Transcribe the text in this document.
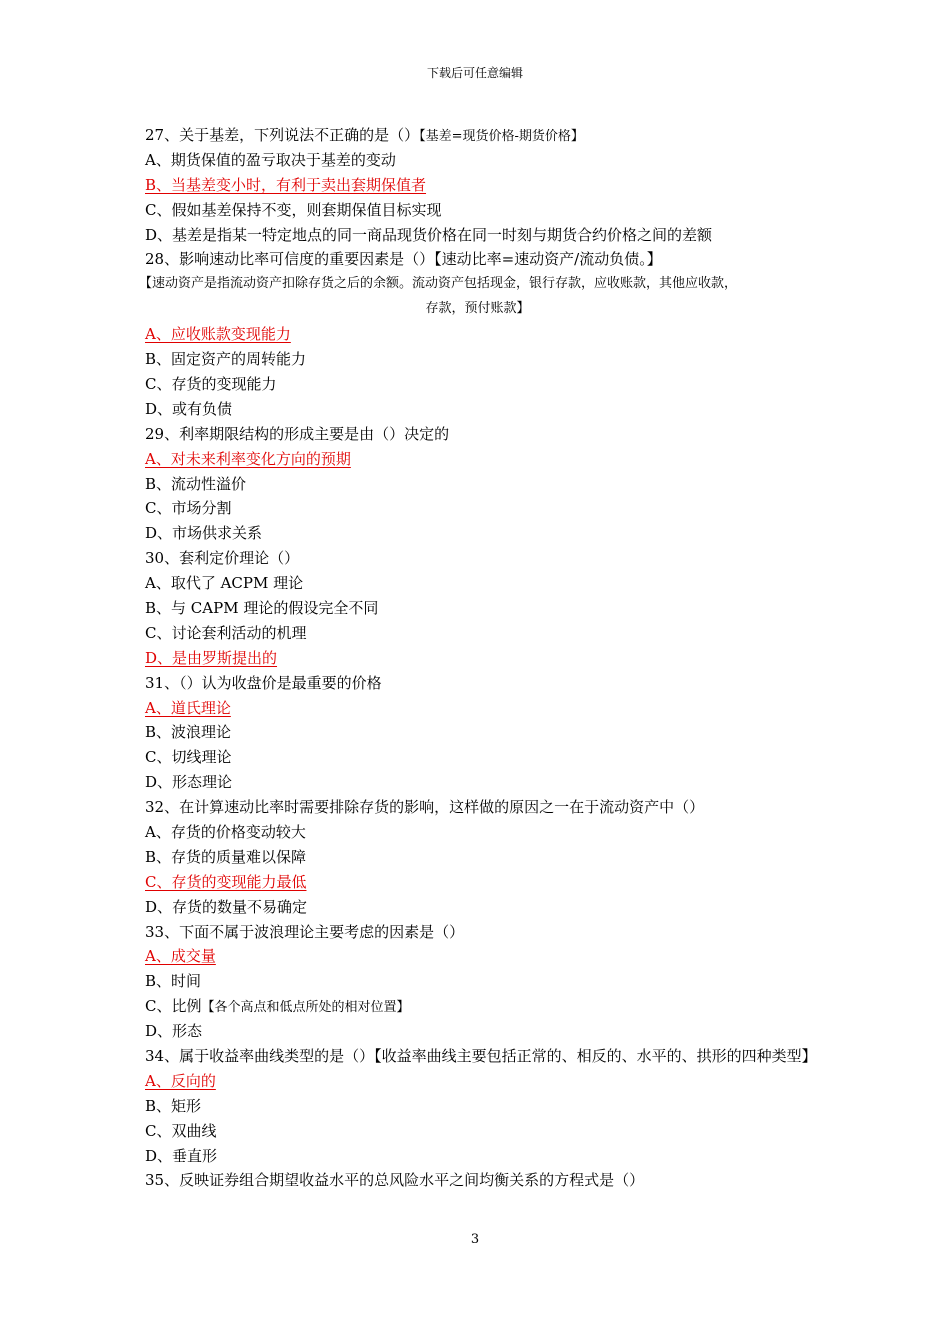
下载后可任意编辑
27、关于基差，下列说法不正确的是（）【基差=现货价格-期货价格】
A、期货保值的盈亏取决于基差的变动
B、当基差变小时，有利于卖出套期保值者
C、假如基差保持不变，则套期保值目标实现
D、基差是指某一特定地点的同一商品现货价格在同一时刻与期货合约价格之间的差额
28、影响速动比率可信度的重要因素是（）【速动比率=速动资产/流动负债。】
【速动资产是指流动资产扣除存货之后的余额。流动资产包括现金，银行存款，应收账款，其他应收款，
存款，预付账款】
A、应收账款变现能力
B、固定资产的周转能力
C、存货的变现能力
D、或有负债
29、利率期限结构的形成主要是由（）决定的
A、对未来利率变化方向的预期
B、流动性溢价
C、市场分割
D、市场供求关系
30、套利定价理论（）
A、取代了 ACPM 理论
B、与 CAPM 理论的假设完全不同
C、讨论套利活动的机理
D、是由罗斯提出的
31、（）认为收盘价是最重要的价格
A、道氏理论
B、波浪理论
C、切线理论
D、形态理论
32、在计算速动比率时需要排除存货的影响，这样做的原因之一在于流动资产中（）
A、存货的价格变动较大
B、存货的质量难以保障
C、存货的变现能力最低
D、存货的数量不易确定
33、下面不属于波浪理论主要考虑的因素是（）
A、成交量
B、时间
C、比例【各个高点和低点所处的相对位置】
D、形态
34、属于收益率曲线类型的是（）【收益率曲线主要包括正常的、相反的、水平的、拱形的四种类型】
A、反向的
B、矩形
C、双曲线
D、垂直形
35、反映证券组合期望收益水平的总风险水平之间均衡关系的方程式是（）
3
